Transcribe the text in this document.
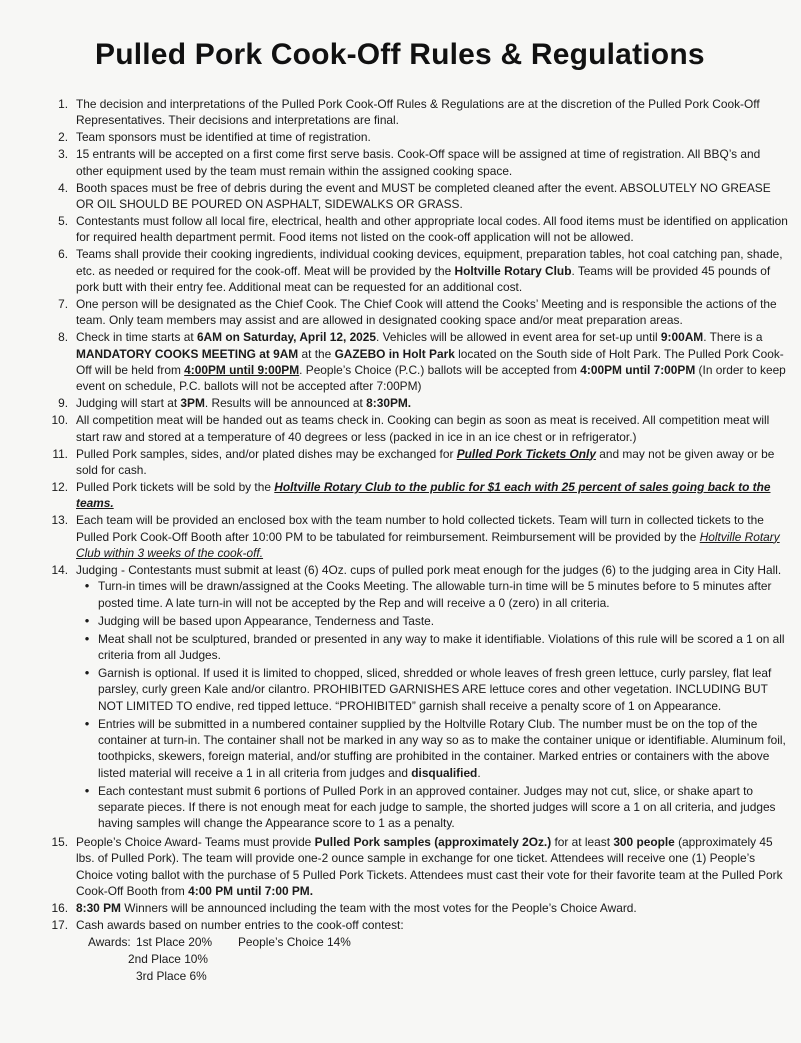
Pulled Pork Cook-Off Rules & Regulations
1. The decision and interpretations of the Pulled Pork Cook-Off Rules & Regulations are at the discretion of the Pulled Pork Cook-Off Representatives. Their decisions and interpretations are final.
2. Team sponsors must be identified at time of registration.
3. 15 entrants will be accepted on a first come first serve basis. Cook-Off space will be assigned at time of registration. All BBQ’s and other equipment used by the team must remain within the assigned cooking space.
4. Booth spaces must be free of debris during the event and MUST be completed cleaned after the event. ABSOLUTELY NO GREASE OR OIL SHOULD BE POURED ON ASPHALT, SIDEWALKS OR GRASS.
5. Contestants must follow all local fire, electrical, health and other appropriate local codes. All food items must be identified on application for required health department permit. Food items not listed on the cook-off application will not be allowed.
6. Teams shall provide their cooking ingredients, individual cooking devices, equipment, preparation tables, hot coal catching pan, shade, etc. as needed or required for the cook-off. Meat will be provided by the Holtville Rotary Club. Teams will be provided 45 pounds of pork butt with their entry fee. Additional meat can be requested for an additional cost.
7. One person will be designated as the Chief Cook. The Chief Cook will attend the Cooks’ Meeting and is responsible the actions of the team. Only team members may assist and are allowed in designated cooking space and/or meat preparation areas.
8. Check in time starts at 6AM on Saturday, April 12, 2025. Vehicles will be allowed in event area for set-up until 9:00AM. There is a MANDATORY COOKS MEETING at 9AM at the GAZEBO in Holt Park located on the South side of Holt Park. The Pulled Pork Cook-Off will be held from 4:00PM until 9:00PM. People’s Choice (P.C.) ballots will be accepted from 4:00PM until 7:00PM (In order to keep event on schedule, P.C. ballots will not be accepted after 7:00PM)
9. Judging will start at 3PM. Results will be announced at 8:30PM.
10. All competition meat will be handed out as teams check in. Cooking can begin as soon as meat is received. All competition meat will start raw and stored at a temperature of 40 degrees or less (packed in ice in an ice chest or in refrigerator.)
11. Pulled Pork samples, sides, and/or plated dishes may be exchanged for Pulled Pork Tickets Only and may not be given away or be sold for cash.
12. Pulled Pork tickets will be sold by the Holtville Rotary Club to the public for $1 each with 25 percent of sales going back to the teams.
13. Each team will be provided an enclosed box with the team number to hold collected tickets. Team will turn in collected tickets to the Pulled Pork Cook-Off Booth after 10:00 PM to be tabulated for reimbursement. Reimbursement will be provided by the Holtville Rotary Club within 3 weeks of the cook-off.
14. Judging - Contestants must submit at least (6) 4Oz. cups of pulled pork meat enough for the judges (6) to the judging area in City Hall.
• Turn-in times will be drawn/assigned at the Cooks Meeting. The allowable turn-in time will be 5 minutes before to 5 minutes after posted time. A late turn-in will not be accepted by the Rep and will receive a 0 (zero) in all criteria.
• Judging will be based upon Appearance, Tenderness and Taste.
• Meat shall not be sculptured, branded or presented in any way to make it identifiable. Violations of this rule will be scored a 1 on all criteria from all Judges.
• Garnish is optional. If used it is limited to chopped, sliced, shredded or whole leaves of fresh green lettuce, curly parsley, flat leaf parsley, curly green Kale and/or cilantro. PROHIBITED GARNISHES ARE lettuce cores and other vegetation. INCLUDING BUT NOT LIMITED TO endive, red tipped lettuce. “PROHIBITED” garnish shall receive a penalty score of 1 on Appearance.
• Entries will be submitted in a numbered container supplied by the Holtville Rotary Club. The number must be on the top of the container at turn-in. The container shall not be marked in any way so as to make the container unique or identifiable. Aluminum foil, toothpicks, skewers, foreign material, and/or stuffing are prohibited in the container. Marked entries or containers with the above listed material will receive a 1 in all criteria from judges and disqualified.
• Each contestant must submit 6 portions of Pulled Pork in an approved container. Judges may not cut, slice, or shake apart to separate pieces. If there is not enough meat for each judge to sample, the shorted judges will score a 1 on all criteria, and judges having samples will change the Appearance score to 1 as a penalty.
15. People’s Choice Award- Teams must provide Pulled Pork samples (approximately 2Oz.) for at least 300 people (approximately 45 lbs. of Pulled Pork). The team will provide one-2 ounce sample in exchange for one ticket. Attendees will receive one (1) People’s Choice voting ballot with the purchase of 5 Pulled Pork Tickets. Attendees must cast their vote for their favorite team at the Pulled Pork Cook-Off Booth from 4:00 PM until 7:00 PM.
16. 8:30 PM Winners will be announced including the team with the most votes for the People’s Choice Award.
17. Cash awards based on number entries to the cook-off contest:
Awards: 1st Place 20% People’s Choice 14%
2nd Place 10%
3rd Place 6%
